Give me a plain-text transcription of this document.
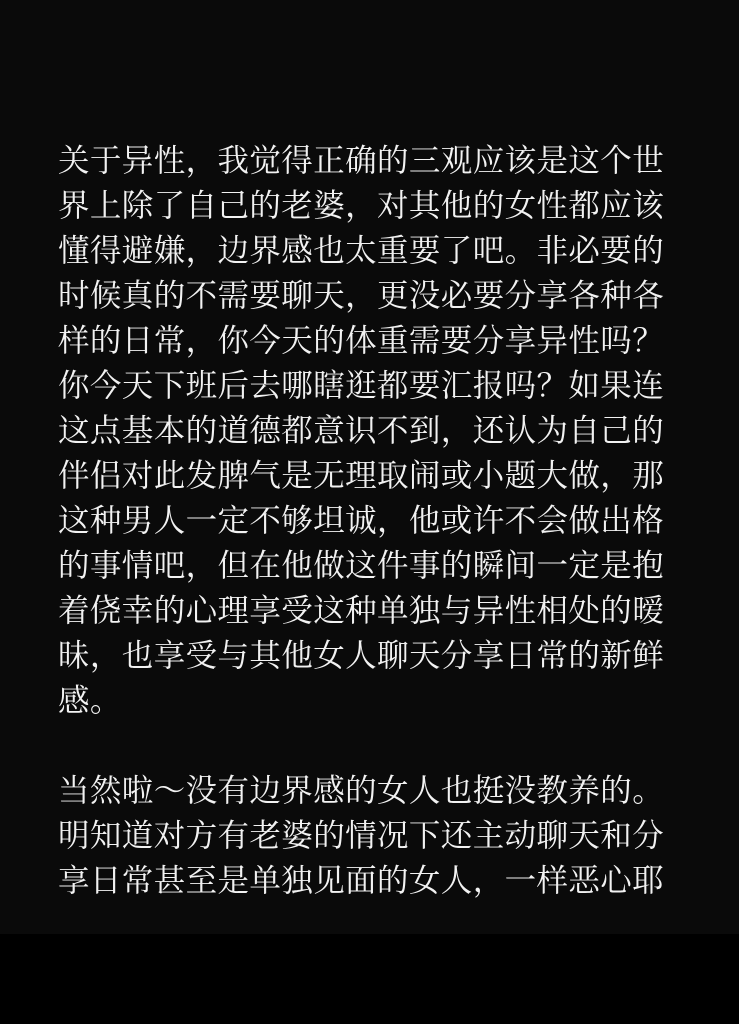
关于异性，我觉得正确的三观应该是这个世界上除了自己的老婆，对其他的女性都应该懂得避嫌，边界感也太重要了吧。非必要的时候真的不需要聊天，更没必要分享各种各样的日常，你今天的体重需要分享异性吗？你今天下班后去哪瞎逛都要汇报吗？如果连这点基本的道德都意识不到，还认为自己的伴侣对此发脾气是无理取闹或小题大做，那这种男人一定不够坦诚，他或许不会做出格的事情吧，但在他做这件事的瞬间一定是抱着侥幸的心理享受这种单独与异性相处的暧昧，也享受与其他女人聊天分享日常的新鲜感。

当然啦～没有边界感的女人也挺没教养的。明知道对方有老婆的情况下还主动聊天和分享日常甚至是单独见面的女人，一样恶心耶
